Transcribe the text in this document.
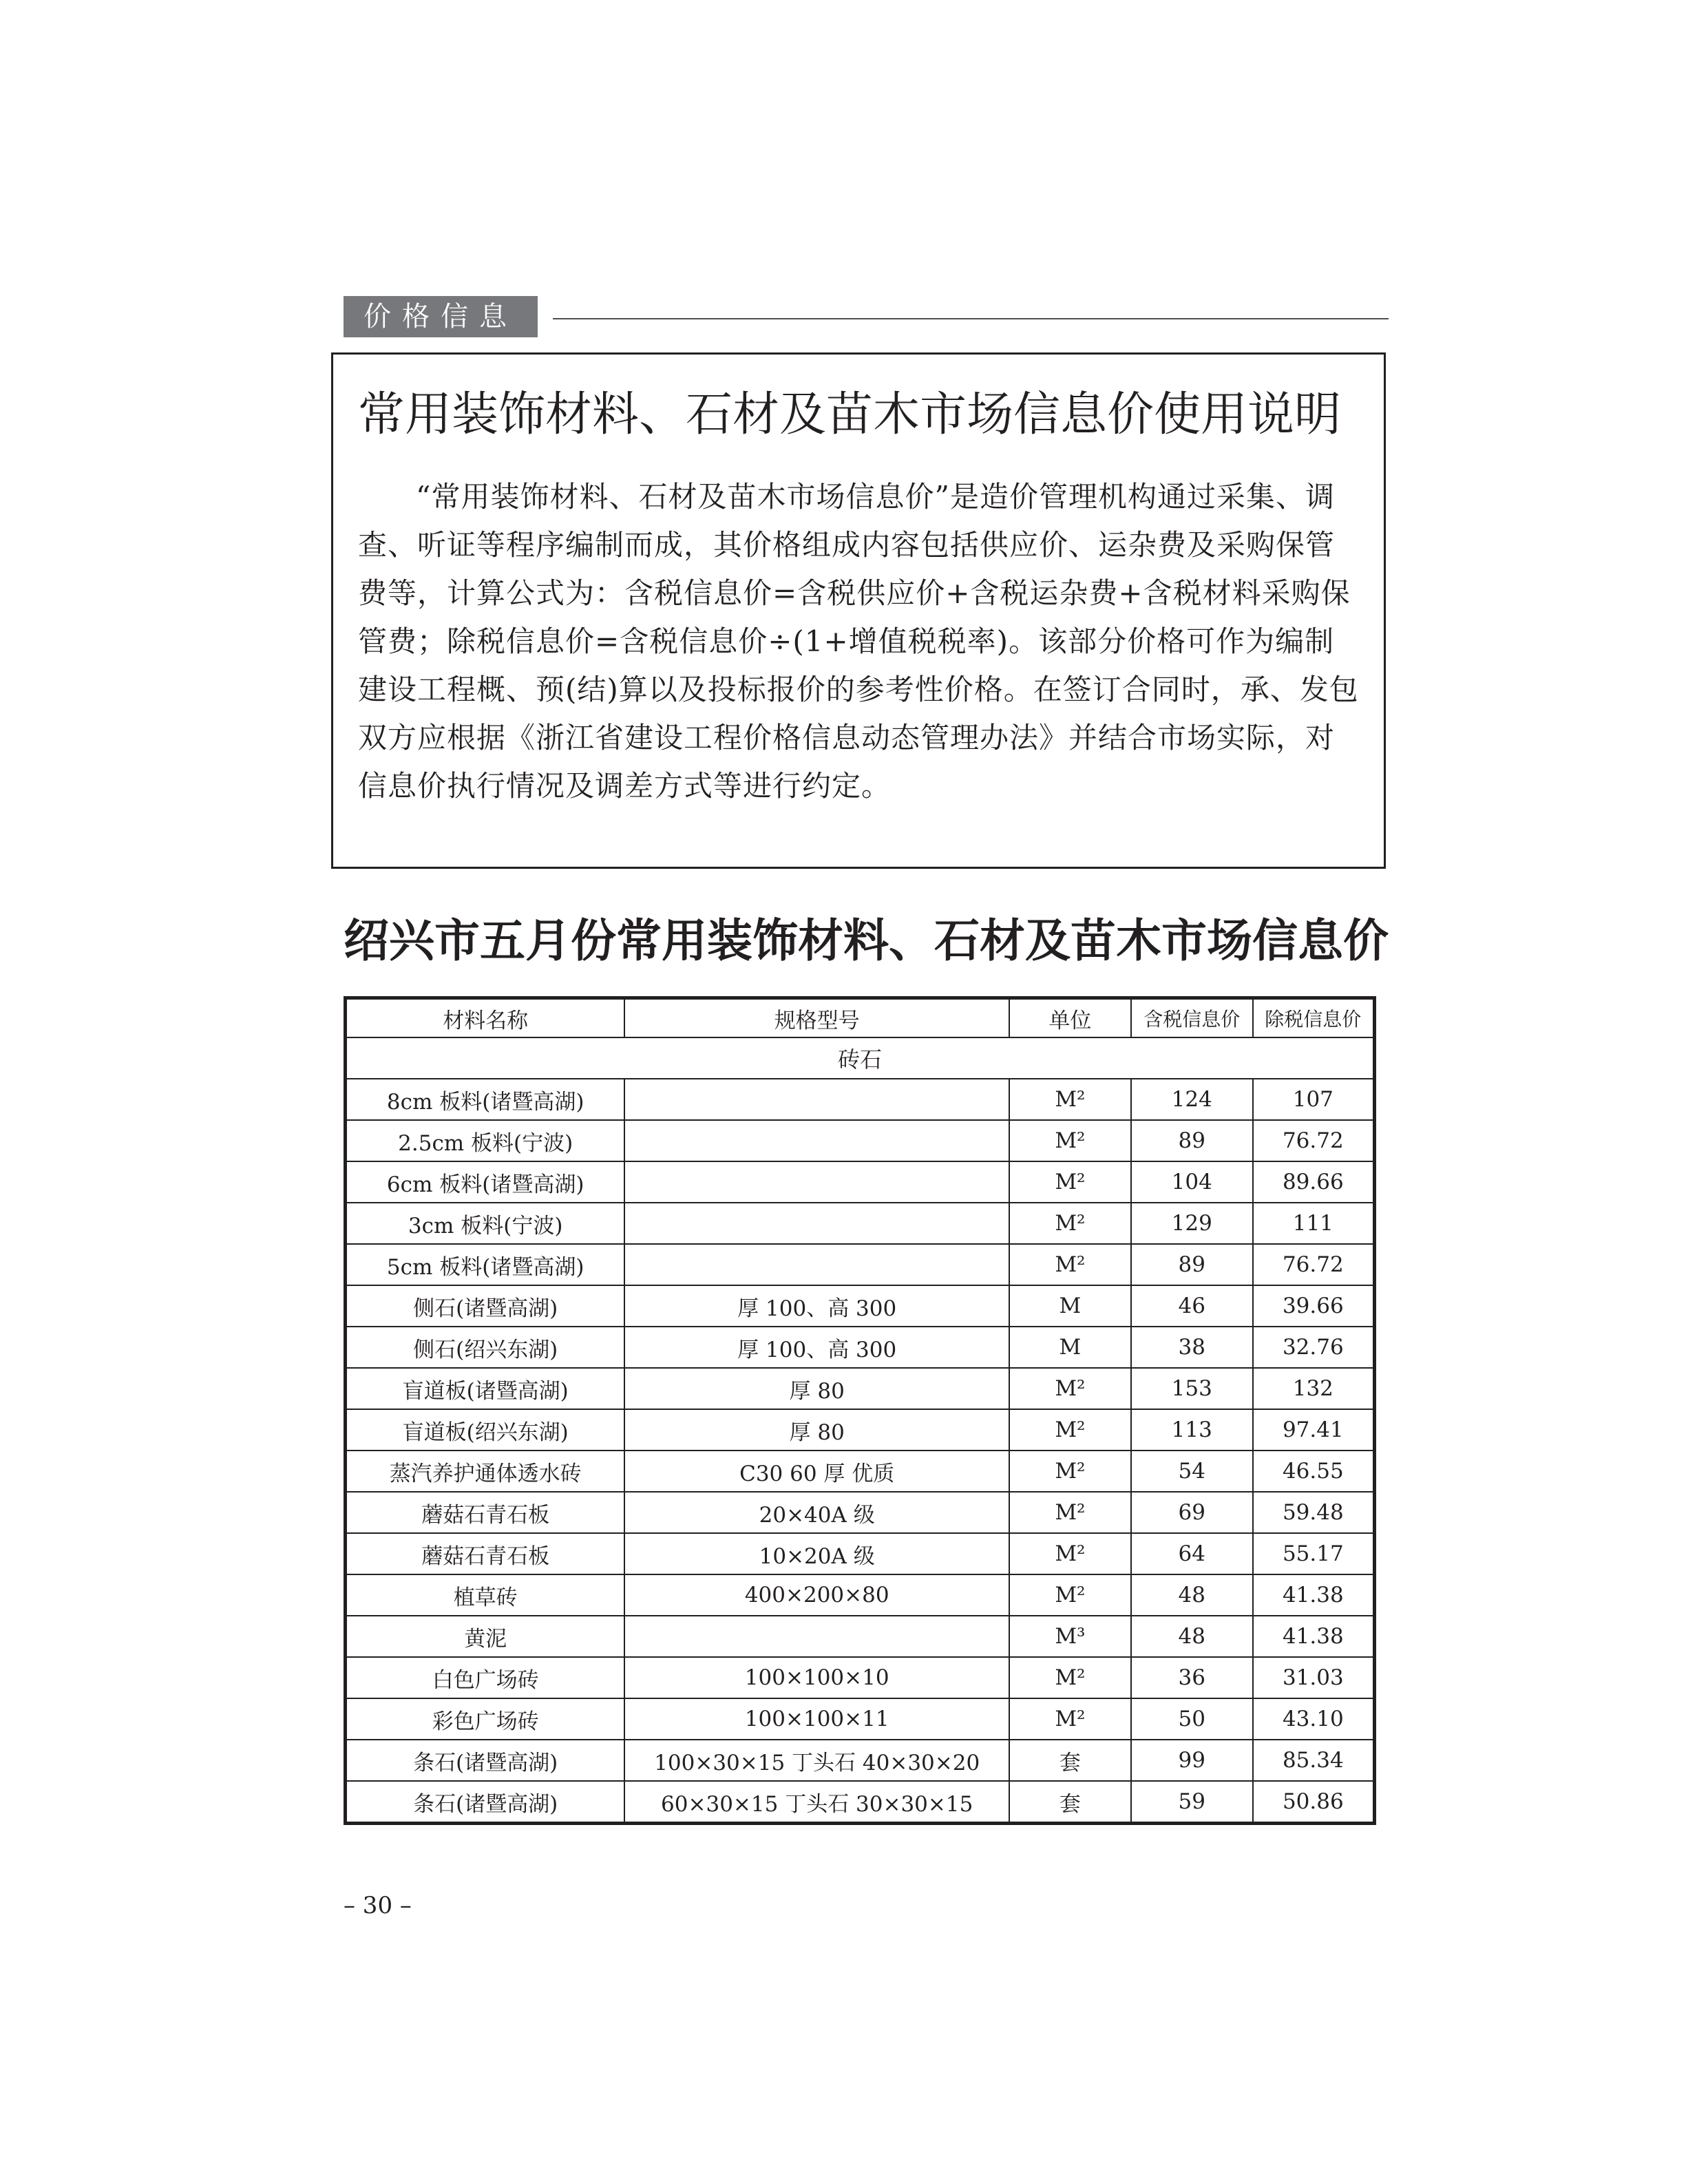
价格信息
常用装饰材料、石材及苗木市场信息价使用说明

“常用装饰材料、石材及苗木市场信息价”是造价管理机构通过采集、调查、听证等程序编制而成，其价格组成内容包括供应价、运杂费及采购保管费等，计算公式为：含税信息价=含税供应价+含税运杂费+含税材料采购保管费；除税信息价=含税信息价÷(1+增值税税率)。该部分价格可作为编制建设工程概、预(结)算以及投标报价的参考性价格。在签订合同时，承、发包双方应根据《浙江省建设工程价格信息动态管理办法》并结合市场实际，对信息价执行情况及调差方式等进行约定。

绍兴市五月份常用装饰材料、石材及苗木市场信息价
材料名称	规格型号	单位	含税信息价	除税信息价
砖石				
8cm 板料(诸暨高湖)		M²	124	107
2.5cm 板料(宁波)		M²	89	76.72
6cm 板料(诸暨高湖)		M²	104	89.66
3cm 板料(宁波)		M²	129	111
5cm 板料(诸暨高湖)		M²	89	76.72
侧石(诸暨高湖)	厚 100、高 300	M	46	39.66
侧石(绍兴东湖)	厚 100、高 300	M	38	32.76
盲道板(诸暨高湖)	厚 80	M²	153	132
盲道板(绍兴东湖)	厚 80	M²	113	97.41
蒸汽养护通体透水砖	C30 60 厚 优质	M²	54	46.55
蘑菇石青石板	20×40A 级	M²	69	59.48
蘑菇石青石板	10×20A 级	M²	64	55.17
植草砖	400×200×80	M²	48	41.38
黄泥		M³	48	41.38
白色广场砖	100×100×10	M²	36	31.03
彩色广场砖	100×100×11	M²	50	43.10
条石(诸暨高湖)	100×30×15 丁头石 40×30×20	套	99	85.34
条石(诸暨高湖)	60×30×15 丁头石 30×30×15	套	59	50.86
– 30 –
